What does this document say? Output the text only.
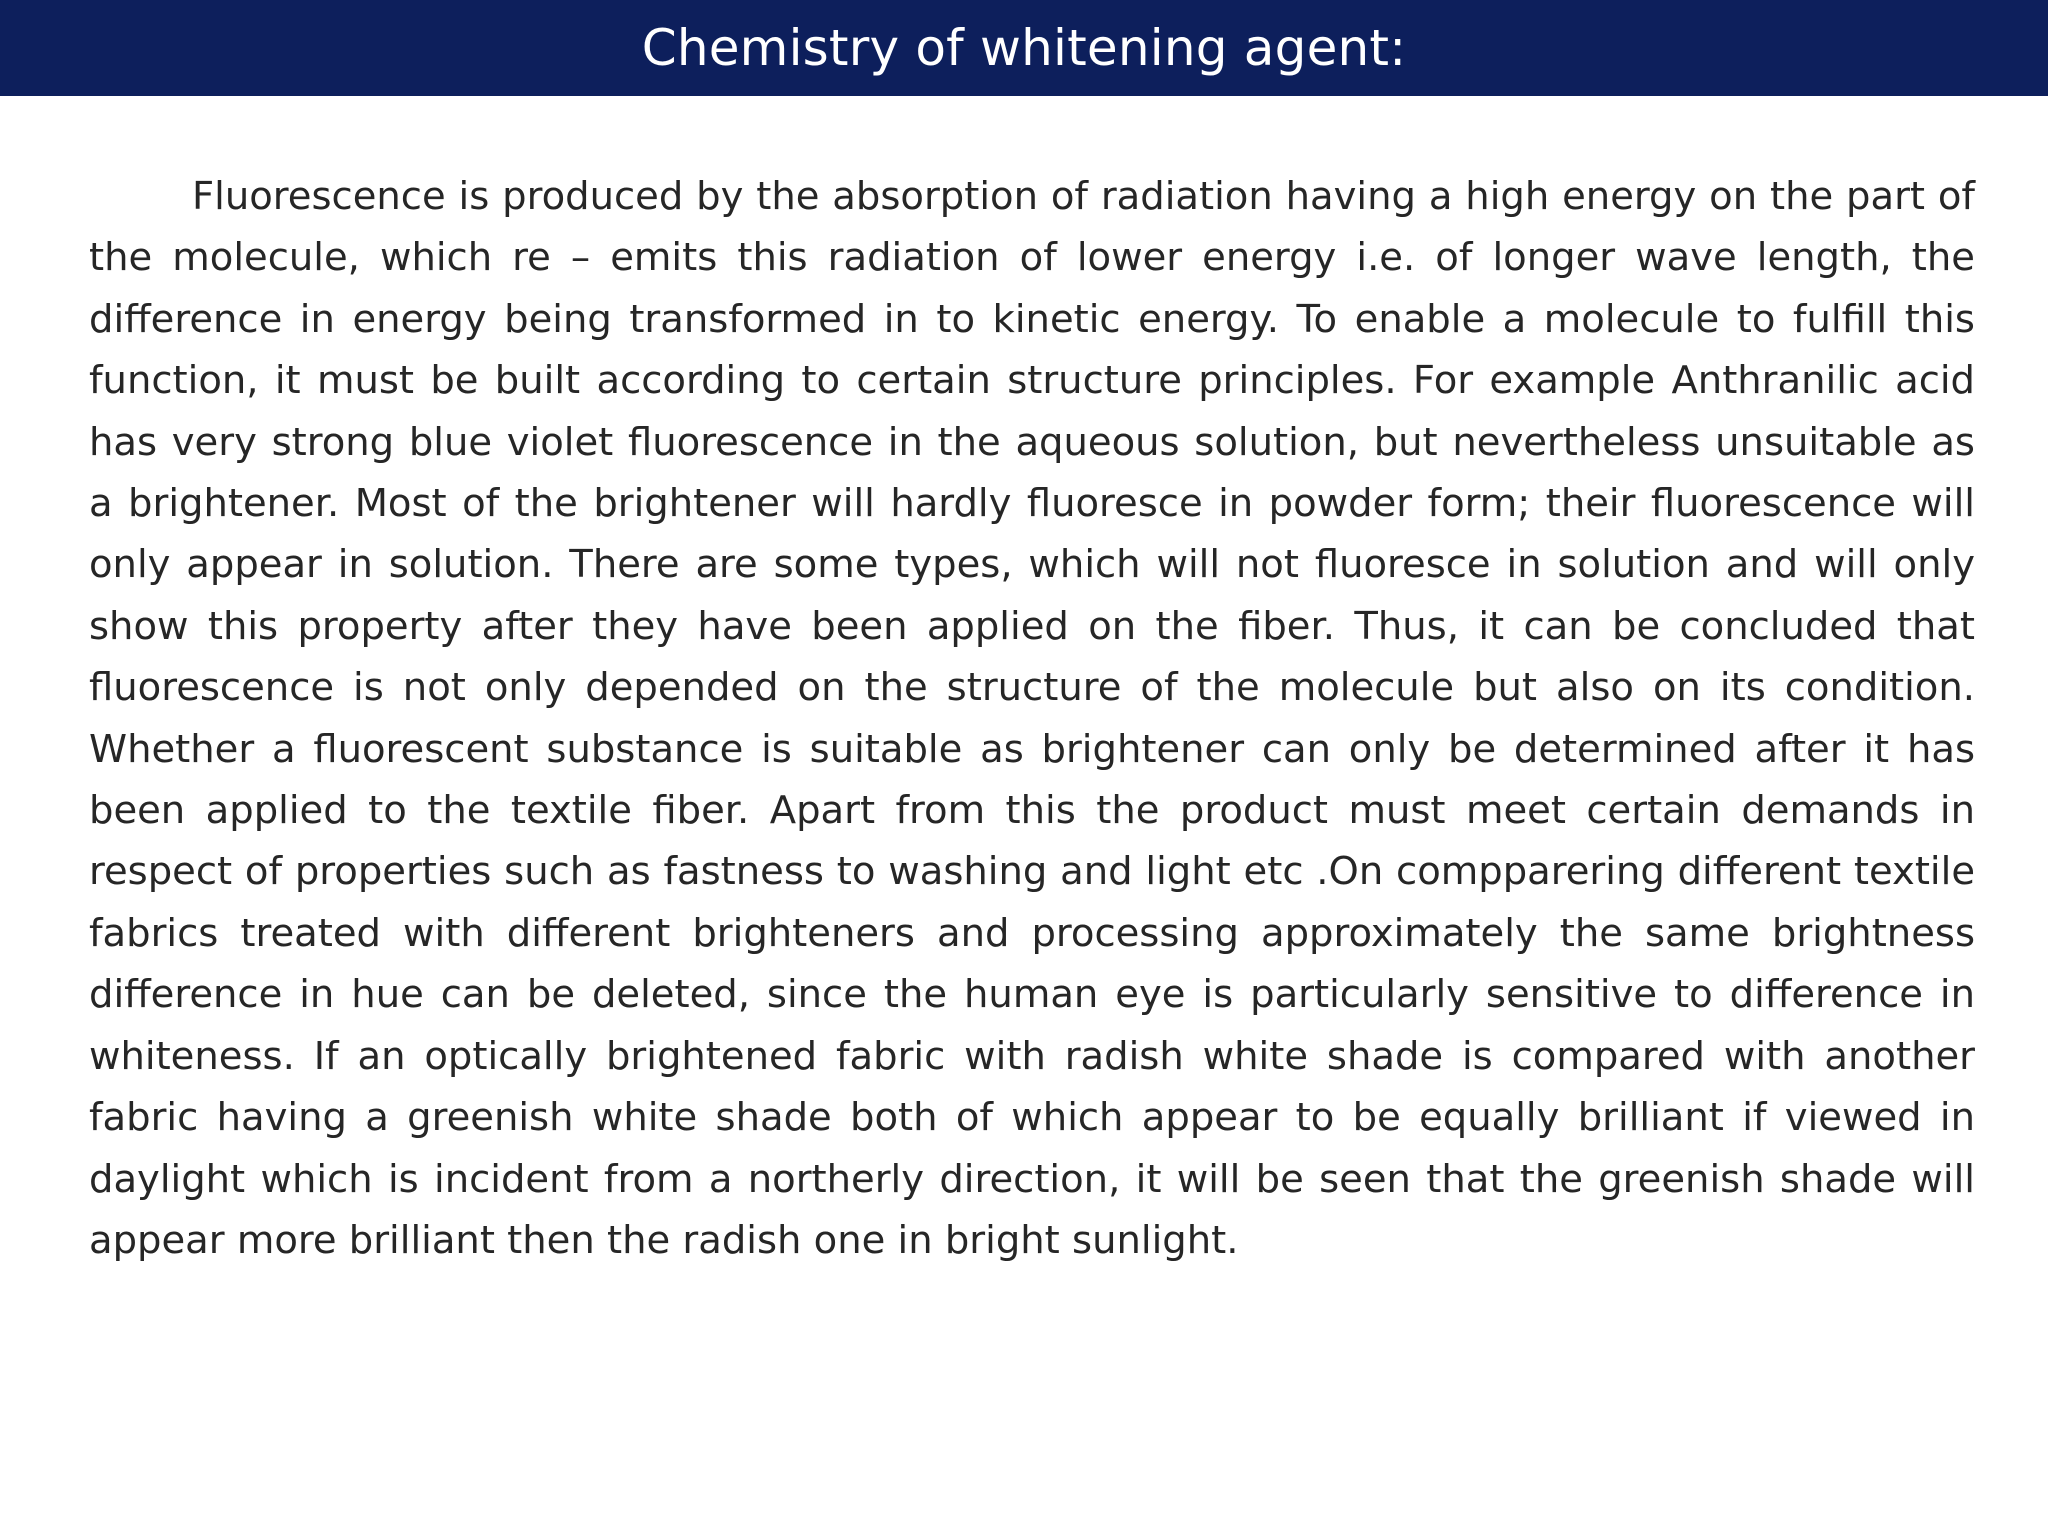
Chemistry of whitening agent:

Fluorescence is produced by the absorption of radiation having a high energy on the part of the molecule, which re – emits this radiation of lower energy i.e. of longer wave length, the difference in energy being transformed in to kinetic energy. To enable a molecule to fulfill this function, it must be built according to certain structure principles. For example Anthranilic acid has very strong blue violet fluorescence in the aqueous solution, but nevertheless unsuitable as a brightener. Most of the brightener will hardly fluoresce in powder form; their fluorescence will only appear in solution. There are some types, which will not fluoresce in solution and will only show this property after they have been applied on the fiber. Thus, it can be concluded that fluorescence is not only depended on the structure of the molecule but also on its condition. Whether a fluorescent substance is suitable as brightener can only be determined after it has been applied to the textile fiber. Apart from this the product must meet certain demands in respect of properties such as fastness to washing and light etc .On compparering different textile fabrics treated with different brighteners and processing approximately the same brightness difference in hue can be deleted, since the human eye is particularly sensitive to difference in whiteness. If an optically brightened fabric with radish white shade is compared with another fabric having a greenish white shade both of which appear to be equally brilliant if viewed in daylight which is incident from a northerly direction, it will be seen that the greenish shade will appear more brilliant then the radish one in bright sunlight.
